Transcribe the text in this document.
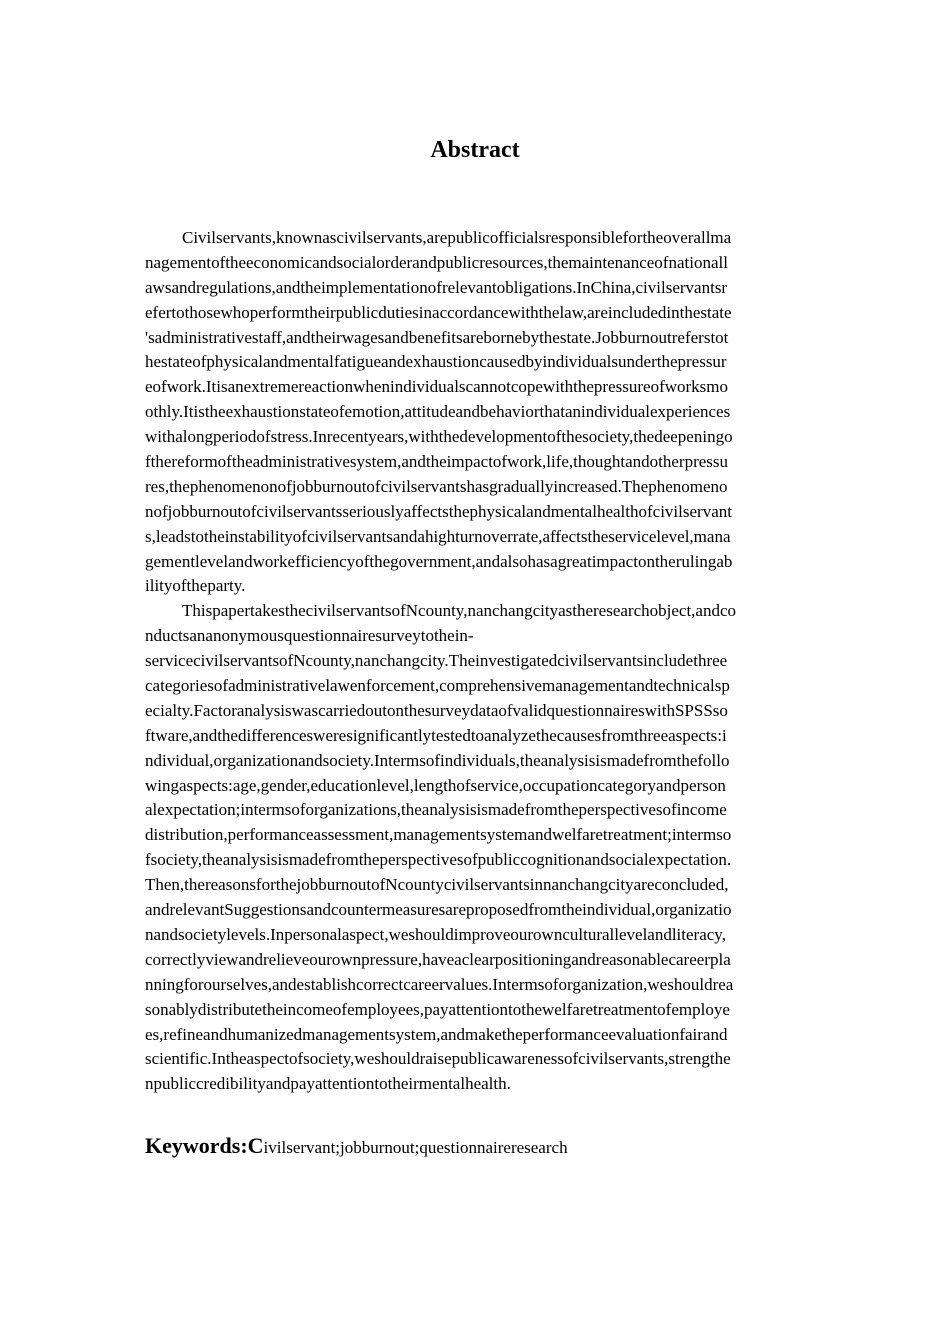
Abstract
Civilservants,knownascivilservants,arepublicofficialsresponsiblefortheoverallma
nagementoftheeconomicandsocialorderandpublicresources,themaintenanceofnationall
awsandregulations,andtheimplementationofrelevantobligations.InChina,civilservantsr
efertothosewhoperformtheirpublicdutiesinaccordancewiththelaw,areincludedinthestate
'sadministrativestaff,andtheirwagesandbenefitsarebornebythestate.Jobburnoutreferstot
hestateofphysicalandmentalfatigueandexhaustioncausedbyindividualsunderthepressur
eofwork.Itisanextremereactionwhenindividualscannotcopewiththepressureofworksmo
othly.Itistheexhaustionstateofemotion,attitudeandbehaviorthatanindividualexperiences
withalongperiodofstress.Inrecentyears,withthedevelopmentofthesociety,thedeepeningo
fthereformoftheadministrativesystem,andtheimpactofwork,life,thoughtandotherpressu
res,thephenomenonofjobburnoutofcivilservantshasgraduallyincreased.Thephenomeno
nofjobburnoutofcivilservantsseriouslyaffectsthephysicalandmentalhealthofcivilservant
s,leadstotheinstabilityofcivilservantsandahighturnoverrate,affectstheservicelevel,mana
gementlevelandworkefficiencyofthegovernment,andalsohasagreatimpactontherulingab
ilityoftheparty.
ThispapertakesthecivilservantsofNcounty,nanchangcityastheresearchobject,andco
nductsananonymousquestionnairesurveytothein-
servicecivilservantsofNcounty,nanchangcity.Theinvestigatedcivilservantsincludethree
categoriesofadministrativelawenforcement,comprehensivemanagementandtechnicalsp
ecialty.FactoranalysiswascarriedoutonthesurveydataofvalidquestionnaireswithSPSSso
ftware,andthedifferencesweresignificantlytestedtoanalyzethecausesfromthreeaspects:i
ndividual,organizationandsociety.Intermsofindividuals,theanalysisismadefromthefollo
wingaspects:age,gender,educationlevel,lengthofservice,occupationcategoryandperson
alexpectation;intermsoforganizations,theanalysisismadefromtheperspectivesofincome
distribution,performanceassessment,managementsystemandwelfaretreatment;intermso
fsociety,theanalysisismadefromtheperspectivesofpubliccognitionandsocialexpectation.
Then,thereasonsforthejobburnoutofNcountycivilservantsinnanchangcityareconcluded,
andrelevantSuggestionsandcountermeasuresareproposedfromtheindividual,organizatio
nandsocietylevels.Inpersonalaspect,weshouldimproveourownculturallevelandliteracy,
correctlyviewandrelieveourownpressure,haveaclearpositioningandreasonablecareerpla
nningforourselves,andestablishcorrectcareervalues.Intermsoforganization,weshouldrea
sonablydistributetheincomeofemployees,payattentiontothewelfaretreatmentofemploye
es,refineandhumanizedmanagementsystem,andmaketheperformanceevaluationfairand
scientific.Intheaspectofsociety,weshouldraisepublicawarenessofcivilservants,strengthe
npubliccredibilityandpayattentiontotheirmentalhealth.
Keywords:Civilservant;jobburnout;questionnaireresearch
